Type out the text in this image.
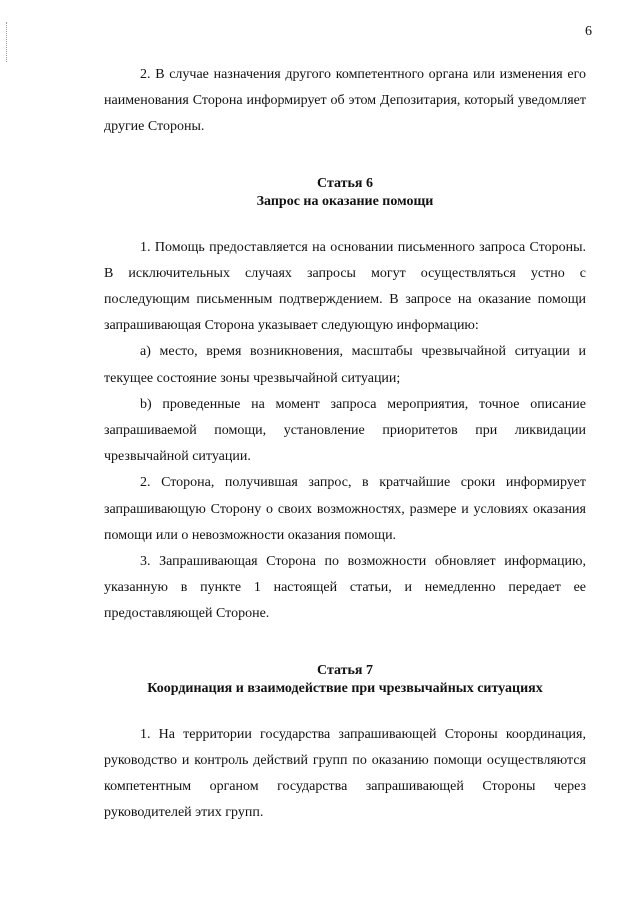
6

2. В случае назначения другого компетентного органа или изменения его наименования Сторона информирует об этом Депозитария, который уведомляет другие Стороны.

Статья 6

Запрос на оказание помощи

1. Помощь предоставляется на основании письменного запроса Стороны. В исключительных случаях запросы могут осуществляться устно с последующим письменным подтверждением. В запросе на оказание помощи запрашивающая Сторона указывает следующую информацию:

а) место, время возникновения, масштабы чрезвычайной ситуации и текущее состояние зоны чрезвычайной ситуации;

b) проведенные на момент запроса мероприятия, точное описание запрашиваемой помощи, установление приоритетов при ликвидации чрезвычайной ситуации.

2. Сторона, получившая запрос, в кратчайшие сроки информирует запрашивающую Сторону о своих возможностях, размере и условиях оказания помощи или о невозможности оказания помощи.

3. Запрашивающая Сторона по возможности обновляет информацию, указанную в пункте 1 настоящей статьи, и немедленно передает ее предоставляющей Стороне.

Статья 7

Координация и взаимодействие при чрезвычайных ситуациях

1. На территории государства запрашивающей Стороны координация, руководство и контроль действий групп по оказанию помощи осуществляются компетентным органом государства запрашивающей Стороны через руководителей этих групп.
